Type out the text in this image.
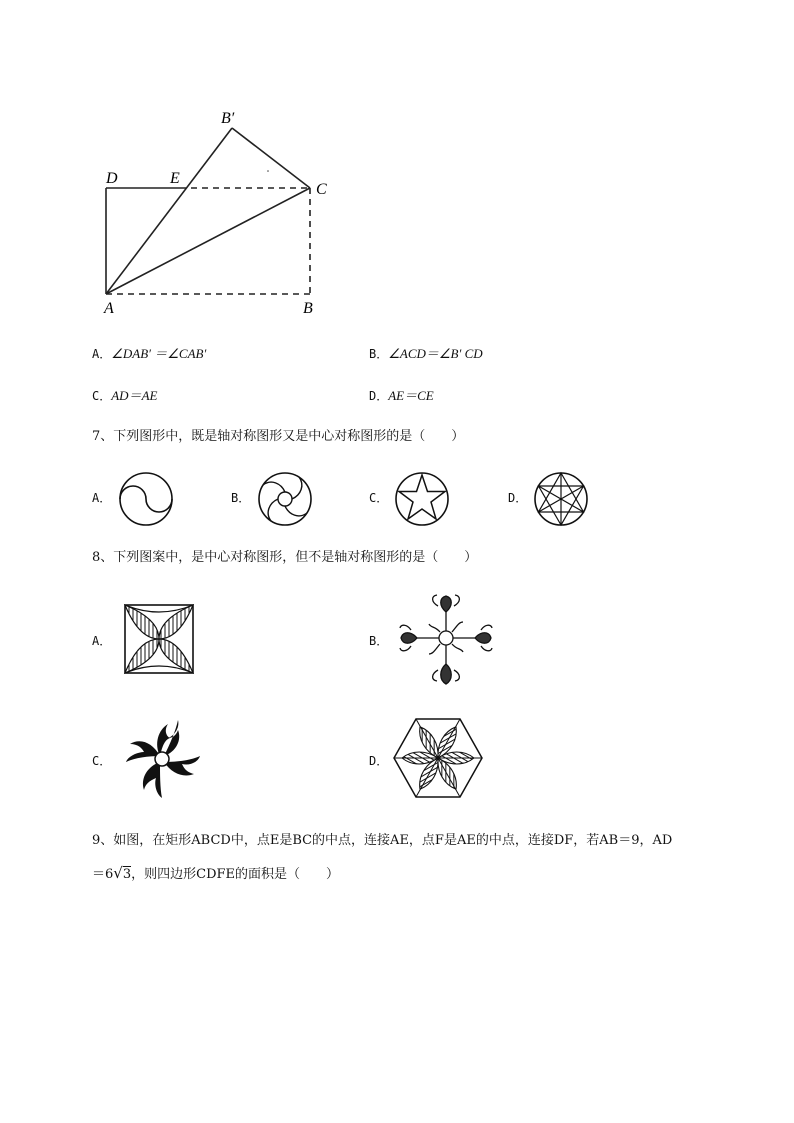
B′
D	E
C
A	B
A．∠DAB′ ＝∠CAB′	B．∠ACD＝∠B′ CD
C．AD＝AE	D．AE＝CE
7、下列图形中，既是轴对称图形又是中心对称图形的是（　　）
A．	B．	C．	D．
8、下列图案中，是中心对称图形，但不是轴对称图形的是（　　）
A．	B．
C．	D．
9、如图，在矩形ABCD中，点E是BC的中点，连接AE，点F是AE的中点，连接DF，若AB＝9，AD
＝6√3，则四边形CDFE的面积是（　　）
